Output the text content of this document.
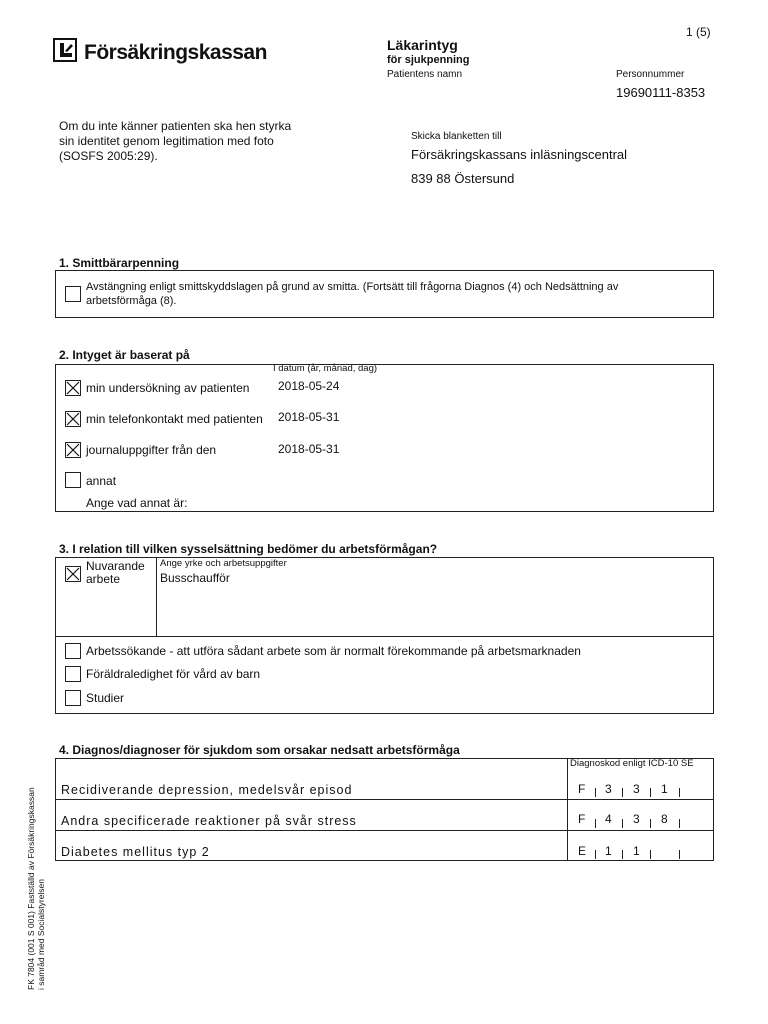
1 (5)
Försäkringskassan	Läkarintyg
för sjukpenning
Patientens namn	Personnummer
19690111-8353
Om du inte känner patienten ska hen styrka
sin identitet genom legitimation med foto
(SOSFS 2005:29).
Skicka blanketten till
Försäkringskassans inläsningscentral
839 88 Östersund
1. Smittbärarpenning
Avstängning enligt smittskyddslagen på grund av smitta. (Fortsätt till frågorna Diagnos (4) och Nedsättning av
arbetsförmåga (8).
2. Intyget är baserat på
I datum (år, månad, dag)
min undersökning av patienten 2018-05-24
min telefonkontakt med patienten 2018-05-31
journaluppgifter från den	2018-05-31
annat
Ange vad annat är:
3. I relation till vilken sysselsättning bedömer du arbetsförmågan?
Nuvarande
arbete
Ange yrke och arbetsuppgifter
Busschaufför
Arbetssökande - att utföra sådant arbete som är normalt förekommande på arbetsmarknaden
Föräldraledighet för vård av barn
Studier
4. Diagnos/diagnoser för sjukdom som orsakar nedsatt arbetsförmåga
Diagnoskod enligt ICD-10 SE
Recidiverande depression, medelsvår episod	F 3 3 1
Andra specificerade reaktioner på svår stress	F 4 3 8
Diabetes mellitus typ 2	E 1 1
FK 7804 (001 S 001) Fastställd av Försäkringskassan i samråd med Socialstyrelsen
